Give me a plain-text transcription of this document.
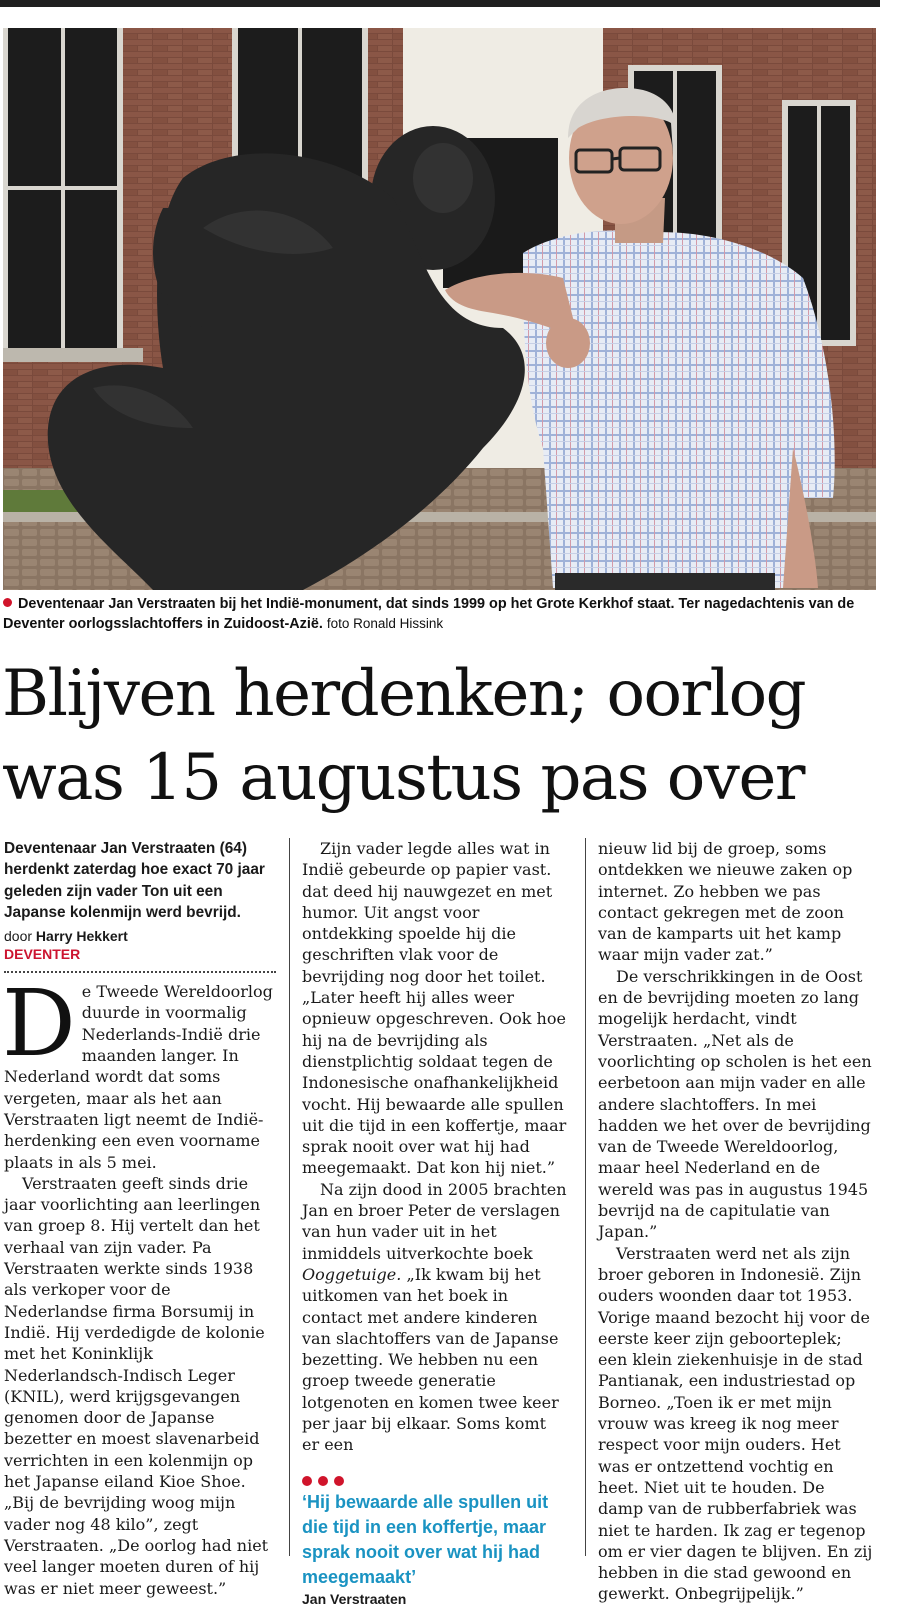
Deventenaar Jan Verstraaten bij het Indië-monument, dat sinds 1999 op het Grote Kerkhof staat. Ter nagedachtenis van de Deventer oorlogsslachtoffers in Zuidoost-Azië. foto Ronald Hissink
Blijven herdenken; oorlog
was 15 augustus pas over

Deventenaar Jan Verstraaten (64) herdenkt zaterdag hoe exact 70 jaar geleden zijn vader Ton uit een Japanse kolenmijn werd bevrijd.

door Harry Hekkert
DEVENTER

De Tweede Wereldoorlog duurde in voormalig Nederlands-Indië drie maanden langer. In Nederland wordt dat soms vergeten, maar als het aan Verstraaten ligt neemt de Indië-herdenking een even voorname plaats in als 5 mei.

Verstraaten geeft sinds drie jaar voorlichting aan leerlingen van groep 8. Hij vertelt dan het verhaal van zijn vader. Pa Verstraaten werkte sinds 1938 als verkoper voor de Nederlandse firma Borsumij in Indië. Hij verdedigde de kolonie met het Koninklijk Nederlandsch-Indisch Leger (KNIL), werd krijgsgevangen genomen door de Japanse bezetter en moest slavenarbeid verrichten in een kolenmijn op het Japanse eiland Kioe Shoe. „Bij de bevrijding woog mijn vader nog 48 kilo”, zegt Verstraaten. „De oorlog had niet veel langer moeten duren of hij was er niet meer geweest.”

Zijn vader legde alles wat in Indië gebeurde op papier vast. dat deed hij nauwgezet en met humor. Uit angst voor ontdekking spoelde hij die geschriften vlak voor de bevrijding nog door het toilet. „Later heeft hij alles weer opnieuw opgeschreven. Ook hoe hij na de bevrijding als dienstplichtig soldaat tegen de Indonesische onafhankelijkheid vocht. Hij bewaarde alle spullen uit die tijd in een koffertje, maar sprak nooit over wat hij had meegemaakt. Dat kon hij niet.”

Na zijn dood in 2005 brachten Jan en broer Peter de verslagen van hun vader uit in het inmiddels uitverkochte boek Ooggetuige. „Ik kwam bij het uitkomen van het boek in contact met andere kinderen van slachtoffers van de Japanse bezetting. We hebben nu een groep tweede generatie lotgenoten en komen twee keer per jaar bij elkaar. Soms komt er een

‘Hij bewaarde alle spullen uit die tijd in een koffertje, maar sprak nooit over wat hij had meegemaakt’

Jan Verstraaten

nieuw lid bij de groep, soms ontdekken we nieuwe zaken op internet. Zo hebben we pas contact gekregen met de zoon van de kamparts uit het kamp waar mijn vader zat.”

De verschrikkingen in de Oost en de bevrijding moeten zo lang mogelijk herdacht, vindt Verstraaten. „Net als de voorlichting op scholen is het een eerbetoon aan mijn vader en alle andere slachtoffers. In mei hadden we het over de bevrijding van de Tweede Wereldoorlog, maar heel Nederland en de wereld was pas in augustus 1945 bevrijd na de capitulatie van Japan.”

Verstraaten werd net als zijn broer geboren in Indonesië. Zijn ouders woonden daar tot 1953. Vorige maand bezocht hij voor de eerste keer zijn geboorteplek; een klein ziekenhuisje in de stad Pantianak, een industriestad op Borneo. „Toen ik er met mijn vrouw was kreeg ik nog meer respect voor mijn ouders. Het was er ontzettend vochtig en heet. Niet uit te houden. De damp van de rubberfabriek was niet te harden. Ik zag er tegenop om er vier dagen te blijven. En zij hebben in die stad gewoond en gewerkt. Onbegrijpelijk.”
